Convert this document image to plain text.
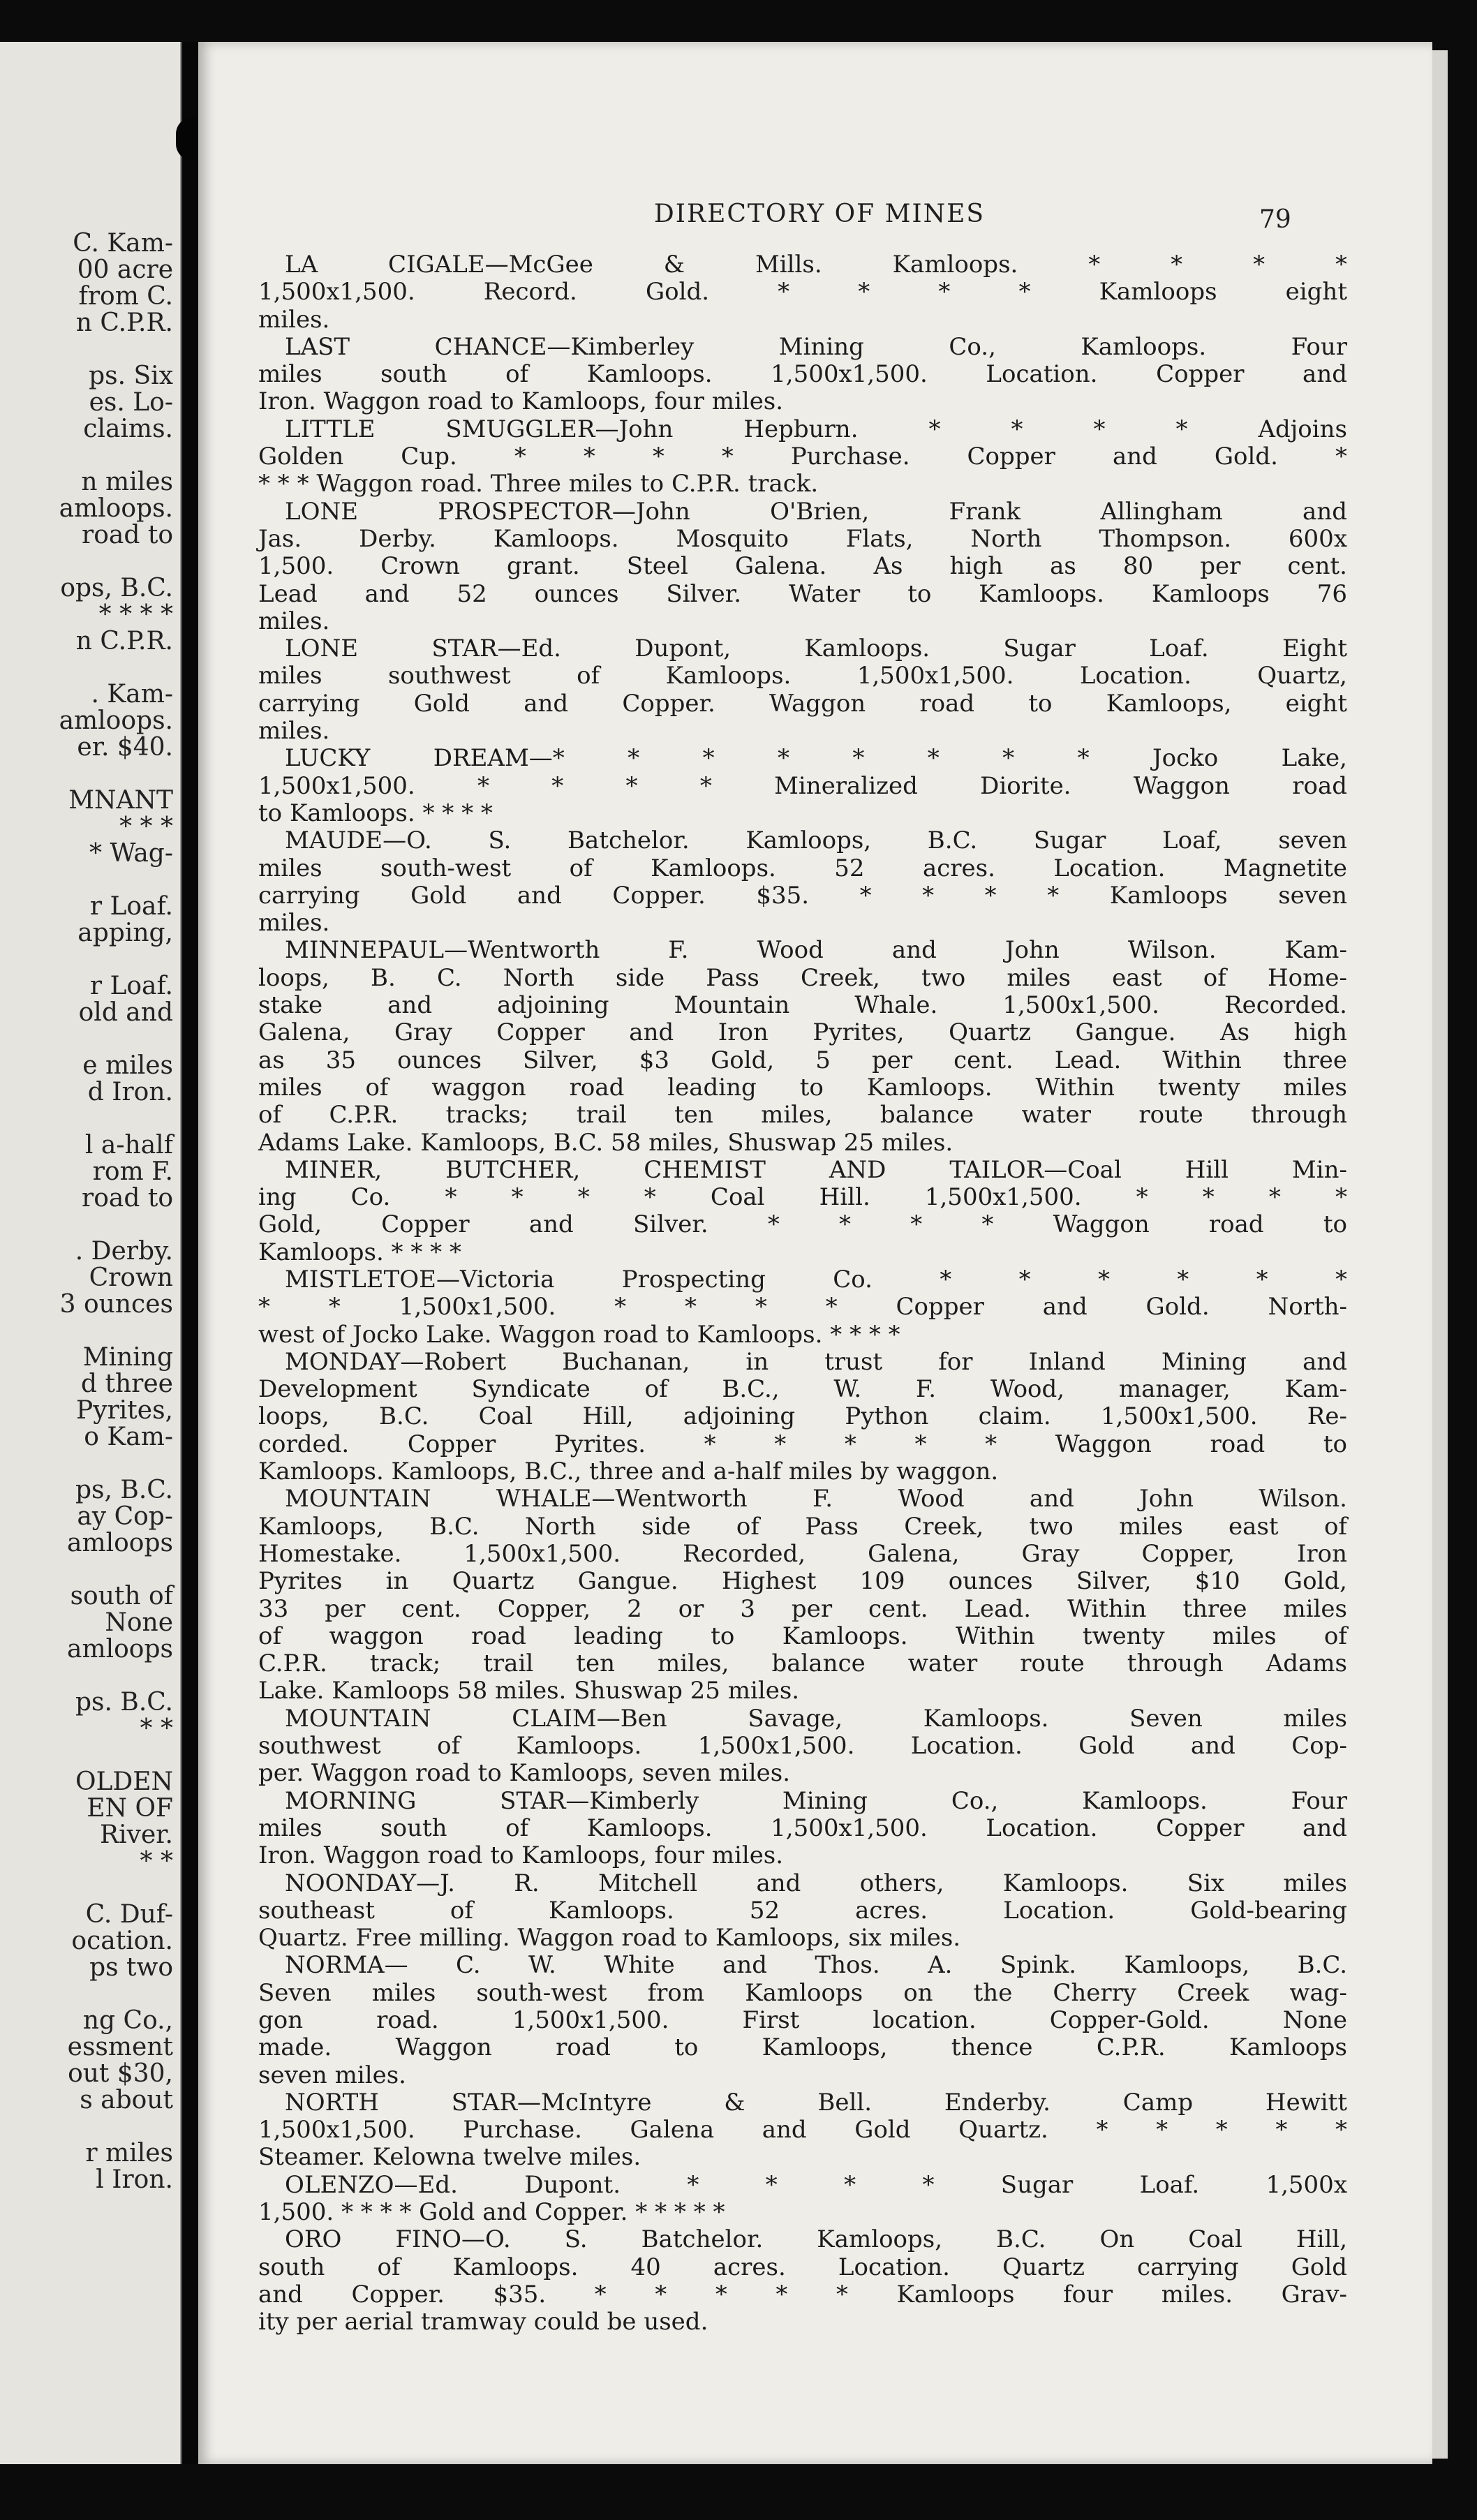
C. Kam-
00 acre
from C.
n C.P.R.
ps. Six
es. Lo-
claims.
n miles
amloops.
road to
ops, B.C.
* * * *
n C.P.R.
. Kam-
amloops.
er. $40.
MNANT
* * *
* Wag-
r Loaf.
apping,
r Loaf.
old and
e miles
d Iron.
l a-half
rom F.
road to
. Derby.
Crown
3 ounces
Mining
d three
Pyrites,
o Kam-
ps, B.C.
ay Cop-
amloops
south of
None
amloops
ps. B.C.
* *
OLDEN
EN OF
River.
* *
C. Duf-
ocation.
ps two
ng Co.,
essment
out $30,
s about
r miles
l Iron.
DIRECTORY OF MINES	79
LA CIGALE—McGee & Mills. Kamloops. * * * *
1,500x1,500. Record. Gold. * * * * Kamloops eight
miles.
LAST CHANCE—Kimberley Mining Co., Kamloops. Four
miles south of Kamloops. 1,500x1,500. Location. Copper and
Iron. Waggon road to Kamloops, four miles.
LITTLE SMUGGLER—John Hepburn. * * * * Adjoins
Golden Cup. * * * * Purchase. Copper and Gold. *
* * * Waggon road. Three miles to C.P.R. track.
LONE PROSPECTOR—John O'Brien, Frank Allingham and
Jas. Derby. Kamloops. Mosquito Flats, North Thompson. 600x
1,500. Crown grant. Steel Galena. As high as 80 per cent.
Lead and 52 ounces Silver. Water to Kamloops. Kamloops 76
miles.
LONE STAR—Ed. Dupont, Kamloops. Sugar Loaf. Eight
miles southwest of Kamloops. 1,500x1,500. Location. Quartz,
carrying Gold and Copper. Waggon road to Kamloops, eight
miles.
LUCKY DREAM—* * * * * * * * Jocko Lake,
1,500x1,500. * * * * Mineralized Diorite. Waggon road
to Kamloops. * * * *
MAUDE—O. S. Batchelor. Kamloops, B.C. Sugar Loaf, seven
miles south-west of Kamloops. 52 acres. Location. Magnetite
carrying Gold and Copper. $35. * * * * Kamloops seven
miles.
MINNEPAUL—Wentworth F. Wood and John Wilson. Kam-
loops, B. C. North side Pass Creek, two miles east of Home-
stake and adjoining Mountain Whale. 1,500x1,500. Recorded.
Galena, Gray Copper and Iron Pyrites, Quartz Gangue. As high
as 35 ounces Silver, $3 Gold, 5 per cent. Lead. Within three
miles of waggon road leading to Kamloops. Within twenty miles
of C.P.R. tracks; trail ten miles, balance water route through
Adams Lake. Kamloops, B.C. 58 miles, Shuswap 25 miles.
MINER, BUTCHER, CHEMIST AND TAILOR—Coal Hill Min-
ing Co. * * * * Coal Hill. 1,500x1,500. * * * *
Gold, Copper and Silver. * * * * Waggon road to
Kamloops. * * * *
MISTLETOE—Victoria Prospecting Co. * * * * * *
* * 1,500x1,500. * * * * Copper and Gold. North-
west of Jocko Lake. Waggon road to Kamloops. * * * *
MONDAY—Robert Buchanan, in trust for Inland Mining and
Development Syndicate of B.C., W. F. Wood, manager, Kam-
loops, B.C. Coal Hill, adjoining Python claim. 1,500x1,500. Re-
corded. Copper Pyrites. * * * * * Waggon road to
Kamloops. Kamloops, B.C., three and a-half miles by waggon.
MOUNTAIN WHALE—Wentworth F. Wood and John Wilson.
Kamloops, B.C. North side of Pass Creek, two miles east of
Homestake. 1,500x1,500. Recorded, Galena, Gray Copper, Iron
Pyrites in Quartz Gangue. Highest 109 ounces Silver, $10 Gold,
33 per cent. Copper, 2 or 3 per cent. Lead. Within three miles
of waggon road leading to Kamloops. Within twenty miles of
C.P.R. track; trail ten miles, balance water route through Adams
Lake. Kamloops 58 miles. Shuswap 25 miles.
MOUNTAIN CLAIM—Ben Savage, Kamloops. Seven miles
southwest of Kamloops. 1,500x1,500. Location. Gold and Cop-
per. Waggon road to Kamloops, seven miles.
MORNING STAR—Kimberly Mining Co., Kamloops. Four
miles south of Kamloops. 1,500x1,500. Location. Copper and
Iron. Waggon road to Kamloops, four miles.
NOONDAY—J. R. Mitchell and others, Kamloops. Six miles
southeast of Kamloops. 52 acres. Location. Gold-bearing
Quartz. Free milling. Waggon road to Kamloops, six miles.
NORMA— C. W. White and Thos. A. Spink. Kamloops, B.C.
Seven miles south-west from Kamloops on the Cherry Creek wag-
gon road. 1,500x1,500. First location. Copper-Gold. None
made. Waggon road to Kamloops, thence C.P.R. Kamloops
seven miles.
NORTH STAR—McIntyre & Bell. Enderby. Camp Hewitt
1,500x1,500. Purchase. Galena and Gold Quartz. * * * * *
Steamer. Kelowna twelve miles.
OLENZO—Ed. Dupont. * * * * Sugar Loaf. 1,500x
1,500. * * * * Gold and Copper. * * * * *
ORO FINO—O. S. Batchelor. Kamloops, B.C. On Coal Hill,
south of Kamloops. 40 acres. Location. Quartz carrying Gold
and Copper. $35. * * * * * Kamloops four miles. Grav-
ity per aerial tramway could be used.
